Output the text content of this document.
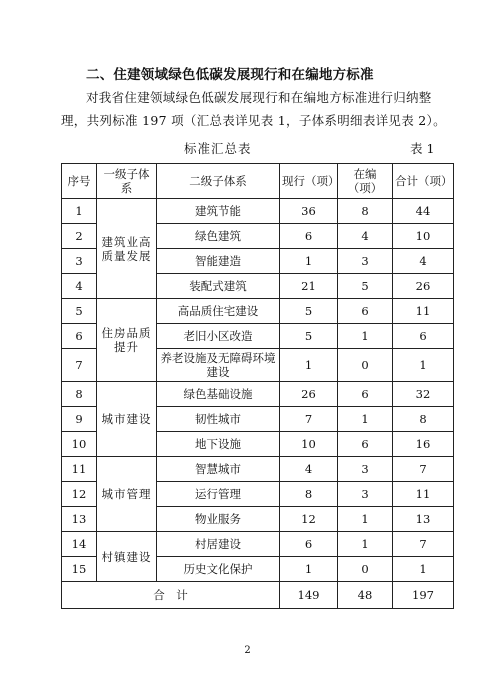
二、住建领域绿色低碳发展现行和在编地方标准

对我省住建领域绿色低碳发展现行和在编地方标准进行归纳整理，共列标准 197 项（汇总表详见表 1，子体系明细表详见表 2）。

标准汇总表	表 1
序号	一级子体系	二级子体系	现行（项）	在编（项）	合计（项）
1	建筑业高质量发展	建筑节能	36	8	44
2		绿色建筑	6	4	10
3		智能建造	1	3	4
4		装配式建筑	21	5	26
5	住房品质提升	高品质住宅建设	5	6	11
6		老旧小区改造	5	1	6
7		养老设施及无障碍环境建设	1	0	1
8	城市建设	绿色基础设施	26	6	32
9		韧性城市	7	1	8
10		地下设施	10	6	16
11	城市管理	智慧城市	4	3	7
12		运行管理	8	3	11
13		物业服务	12	1	13
14	村镇建设	村居建设	6	1	7
15		历史文化保护	1	0	1
合　计			149	48	197
2
